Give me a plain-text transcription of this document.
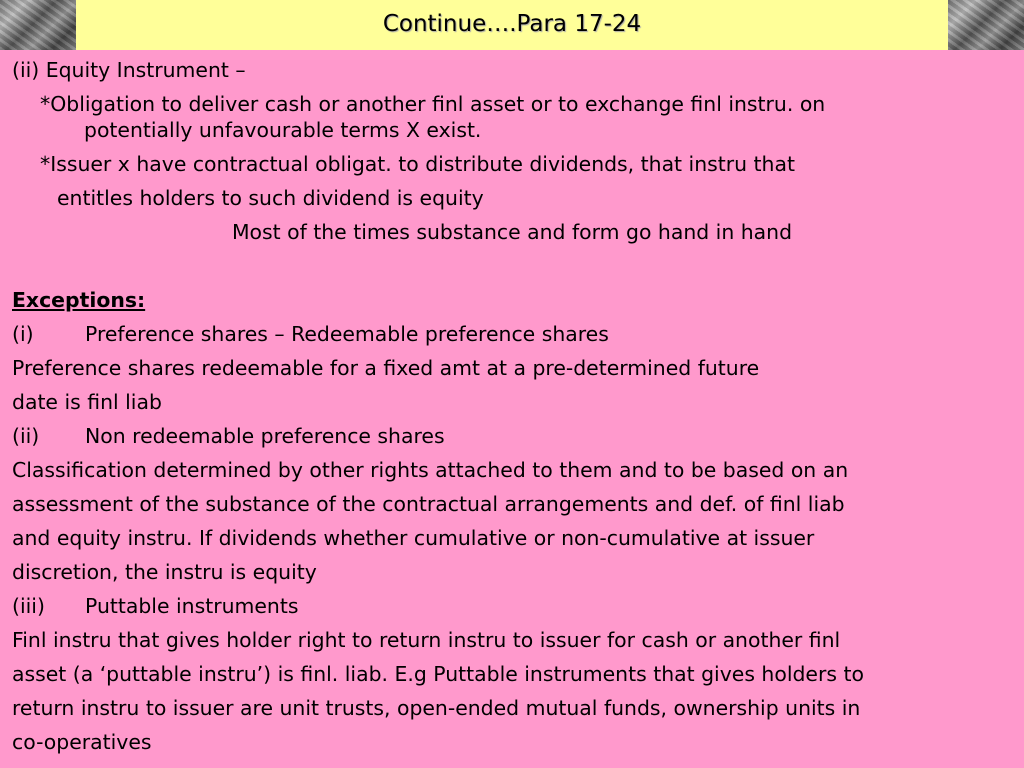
Continue….Para 17-24
(ii) Equity Instrument –
*Obligation to deliver cash or another finl asset or to exchange finl instru. on
potentially unfavourable terms X exist.
*Issuer x have contractual obligat. to distribute dividends, that instru that
entitles holders to such dividend is equity
Most of the times substance and form go hand in hand
Exceptions:
(i)	Preference shares – Redeemable preference shares
Preference shares redeemable for a fixed amt at a pre-determined future
date is finl liab
(ii) Non redeemable preference shares
Classification determined by other rights attached to them and to be based on an
assessment of the substance of the contractual arrangements and def. of finl liab
and equity instru. If dividends whether cumulative or non-cumulative at issuer
discretion, the instru is equity
(iii) Puttable instruments
Finl instru that gives holder right to return instru to issuer for cash or another finl
asset (a ‘puttable instru’) is finl. liab. E.g Puttable instruments that gives holders to
return instru to issuer are unit trusts, open-ended mutual funds, ownership units in
co-operatives
